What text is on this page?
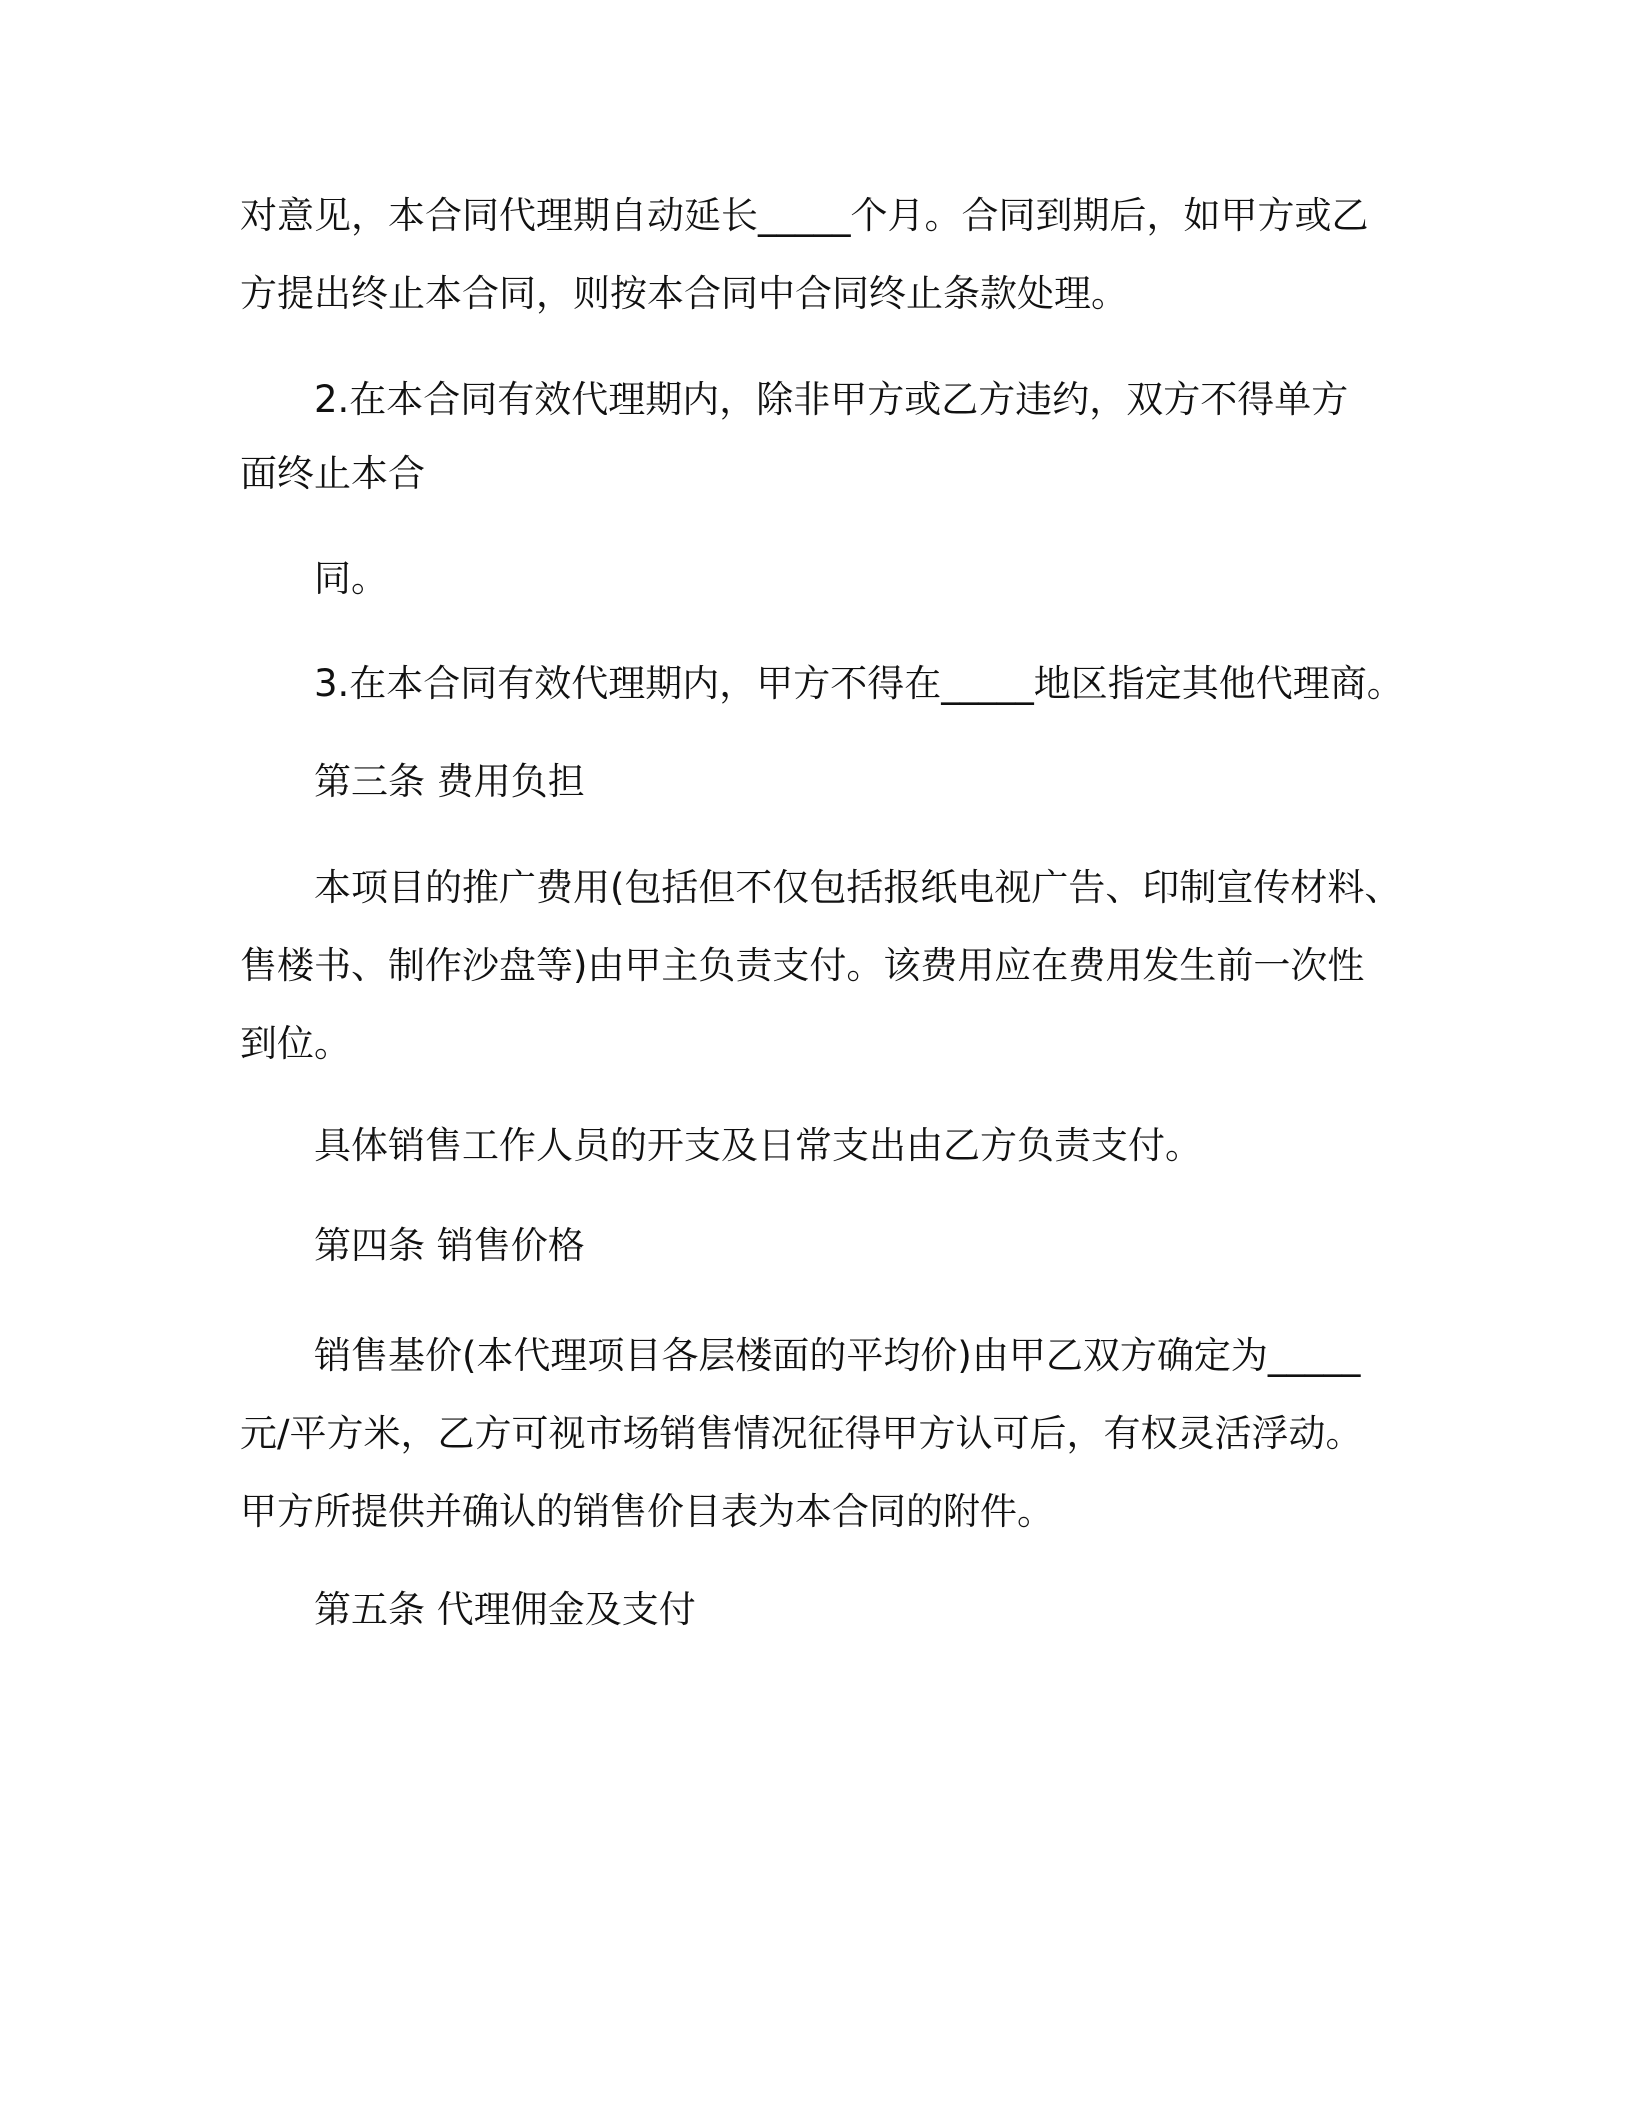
对意见，本合同代理期自动延长_____个月。合同到期后，如甲方或乙
方提出终止本合同，则按本合同中合同终止条款处理。
2.在本合同有效代理期内，除非甲方或乙方违约，双方不得单方
面终止本合
同。
3.在本合同有效代理期内，甲方不得在_____地区指定其他代理商。
第三条 费用负担
本项目的推广费用(包括但不仅包括报纸电视广告、印制宣传材料、
售楼书、制作沙盘等)由甲主负责支付。该费用应在费用发生前一次性
到位。
具体销售工作人员的开支及日常支出由乙方负责支付。
第四条 销售价格
销售基价(本代理项目各层楼面的平均价)由甲乙双方确定为_____
元/平方米，乙方可视市场销售情况征得甲方认可后，有权灵活浮动。
甲方所提供并确认的销售价目表为本合同的附件。
第五条 代理佣金及支付
